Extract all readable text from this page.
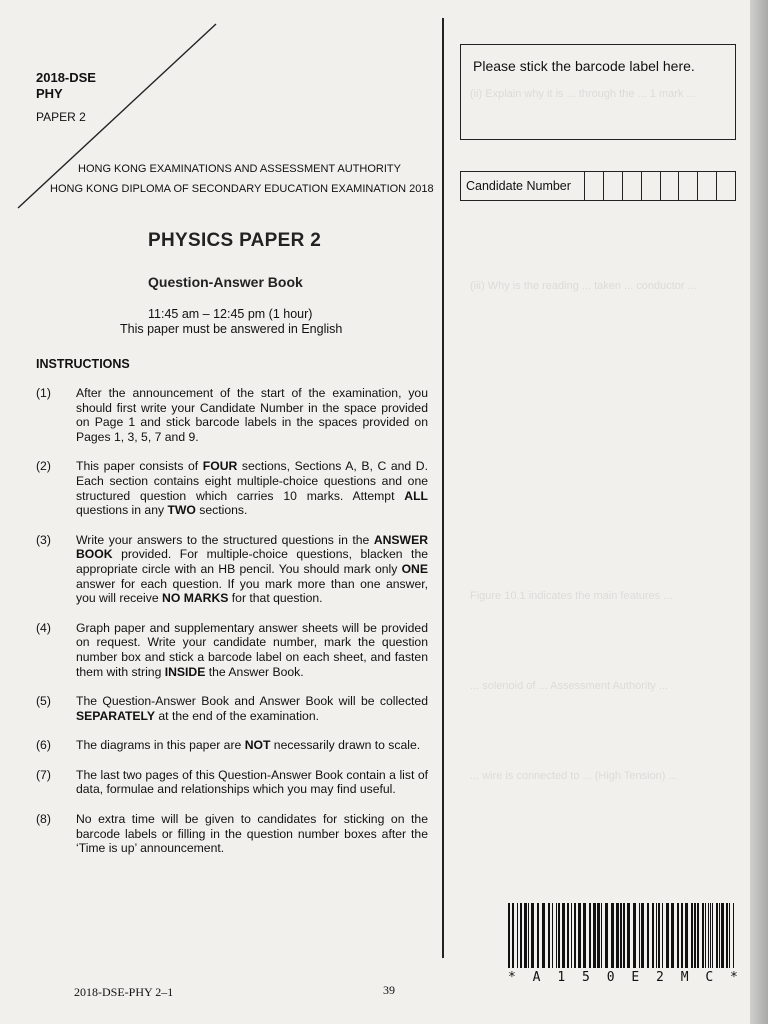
2018-DSE
PHY
PAPER 2
HONG KONG EXAMINATIONS AND ASSESSMENT AUTHORITY
HONG KONG DIPLOMA OF SECONDARY EDUCATION EXAMINATION 2018
PHYSICS PAPER 2
Question-Answer Book
11:45 am – 12:45 pm (1 hour)
This paper must be answered in English
INSTRUCTIONS
(1)	After the announcement of the start of the examination, you should first write your Candidate Number in the space provided on Page 1 and stick barcode labels in the spaces provided on Pages 1, 3, 5, 7 and 9.
(2)	This paper consists of FOUR sections, Sections A, B, C and D. Each section contains eight multiple-choice questions and one structured question which carries 10 marks. Attempt ALL questions in any TWO sections.
(3)	Write your answers to the structured questions in the ANSWER BOOK provided. For multiple-choice questions, blacken the appropriate circle with an HB pencil. You should mark only ONE answer for each question. If you mark more than one answer, you will receive NO MARKS for that question.
(4)	Graph paper and supplementary answer sheets will be provided on request. Write your candidate number, mark the question number box and stick a barcode label on each sheet, and fasten them with string INSIDE the Answer Book.
(5)	The Question-Answer Book and Answer Book will be collected SEPARATELY at the end of the examination.
(6)	The diagrams in this paper are NOT necessarily drawn to scale.
(7)	The last two pages of this Question-Answer Book contain a list of data, formulae and relationships which you may find useful.
(8)	No extra time will be given to candidates for sticking on the barcode labels or filling in the question number boxes after the ‘Time is up’ announcement.
(ii) Explain why it is ... through the ... 1 mark ...
(iii) Why is the reading ... taken ... conductor ...
Figure 10.1 indicates the main features ...
... solenoid of ... Assessment Authority ...
... wire is connected to ... (High Tension) ...
Please stick the barcode label here.
Candidate Number
* A 1 5 0 E 2 M C *
2018-DSE-PHY 2–1	39
